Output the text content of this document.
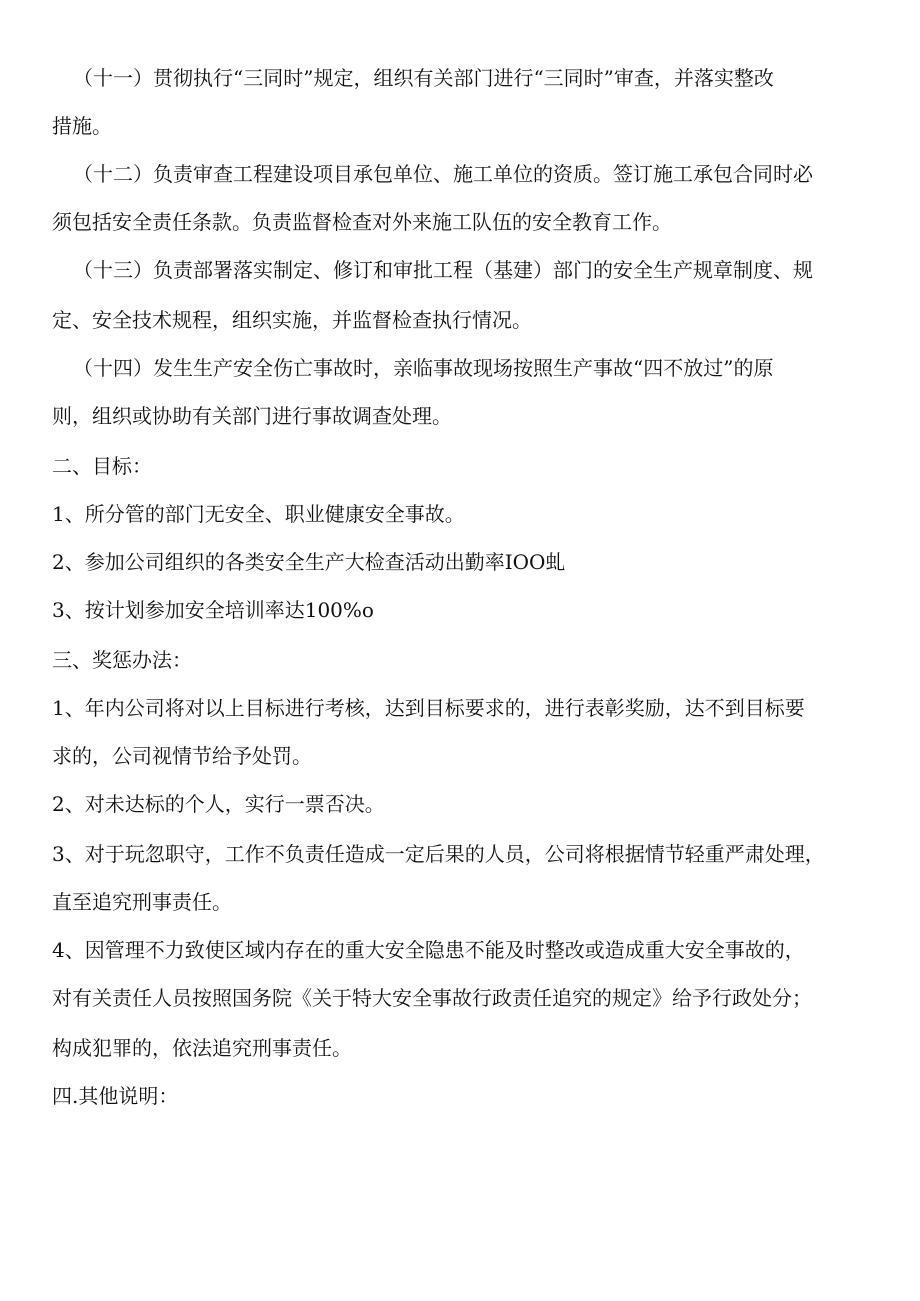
（十一）贯彻执行“三同时”规定，组织有关部门进行“三同时”审查，并落实整改
措施。
（十二）负责审查工程建设项目承包单位、施工单位的资质。签订施工承包合同时必
须包括安全责任条款。负责监督检查对外来施工队伍的安全教育工作。
（十三）负责部署落实制定、修订和审批工程（基建）部门的安全生产规章制度、规
定、安全技术规程，组织实施，并监督检查执行情况。
（十四）发生生产安全伤亡事故时，亲临事故现场按照生产事故“四不放过”的原
则，组织或协助有关部门进行事故调查处理。
二、目标：
1、所分管的部门无安全、职业健康安全事故。
2、参加公司组织的各类安全生产大检查活动出勤率IOO虬
3、按计划参加安全培训率达100%o
三、奖惩办法：
1、年内公司将对以上目标进行考核，达到目标要求的，进行表彰奖励，达不到目标要
求的，公司视情节给予处罚。
2、对未达标的个人，实行一票否决。
3、对于玩忽职守，工作不负责任造成一定后果的人员，公司将根据情节轻重严肃处理，
直至追究刑事责任。
4、因管理不力致使区域内存在的重大安全隐患不能及时整改或造成重大安全事故的，
对有关责任人员按照国务院《关于特大安全事故行政责任追究的规定》给予行政处分；
构成犯罪的，依法追究刑事责任。
四.其他说明：
